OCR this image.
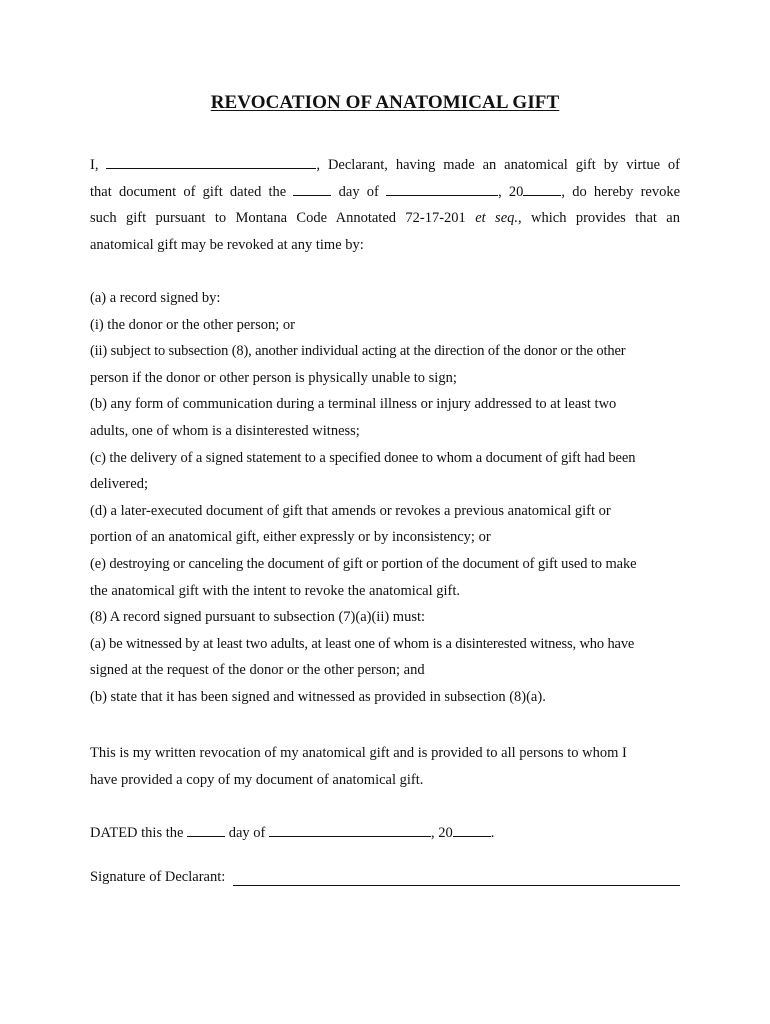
REVOCATION OF ANATOMICAL GIFT
I,	, Declarant, having made an anatomical gift by virtue of
that document of gift dated the	day of	, 20	, do hereby revoke
such gift pursuant to Montana Code Annotated 72-17-201 et seq., which provides that an
anatomical gift may be revoked at any time by:
(a) a record signed by:
(i) the donor or the other person; or
(ii) subject to subsection (8), another individual acting at the direction of the donor or the other
person if the donor or other person is physically unable to sign;
(b) any form of communication during a terminal illness or injury addressed to at least two
adults, one of whom is a disinterested witness;
(c) the delivery of a signed statement to a specified donee to whom a document of gift had been
delivered;
(d) a later-executed document of gift that amends or revokes a previous anatomical gift or
portion of an anatomical gift, either expressly or by inconsistency; or
(e) destroying or canceling the document of gift or portion of the document of gift used to make
the anatomical gift with the intent to revoke the anatomical gift.
(8) A record signed pursuant to subsection (7)(a)(ii) must:
(a) be witnessed by at least two adults, at least one of whom is a disinterested witness, who have
signed at the request of the donor or the other person; and
(b) state that it has been signed and witnessed as provided in subsection (8)(a).
This is my written revocation of my anatomical gift and is provided to all persons to whom I
have provided a copy of my document of anatomical gift.
DATED this the	day of	, 20	.
Signature of Declarant:
